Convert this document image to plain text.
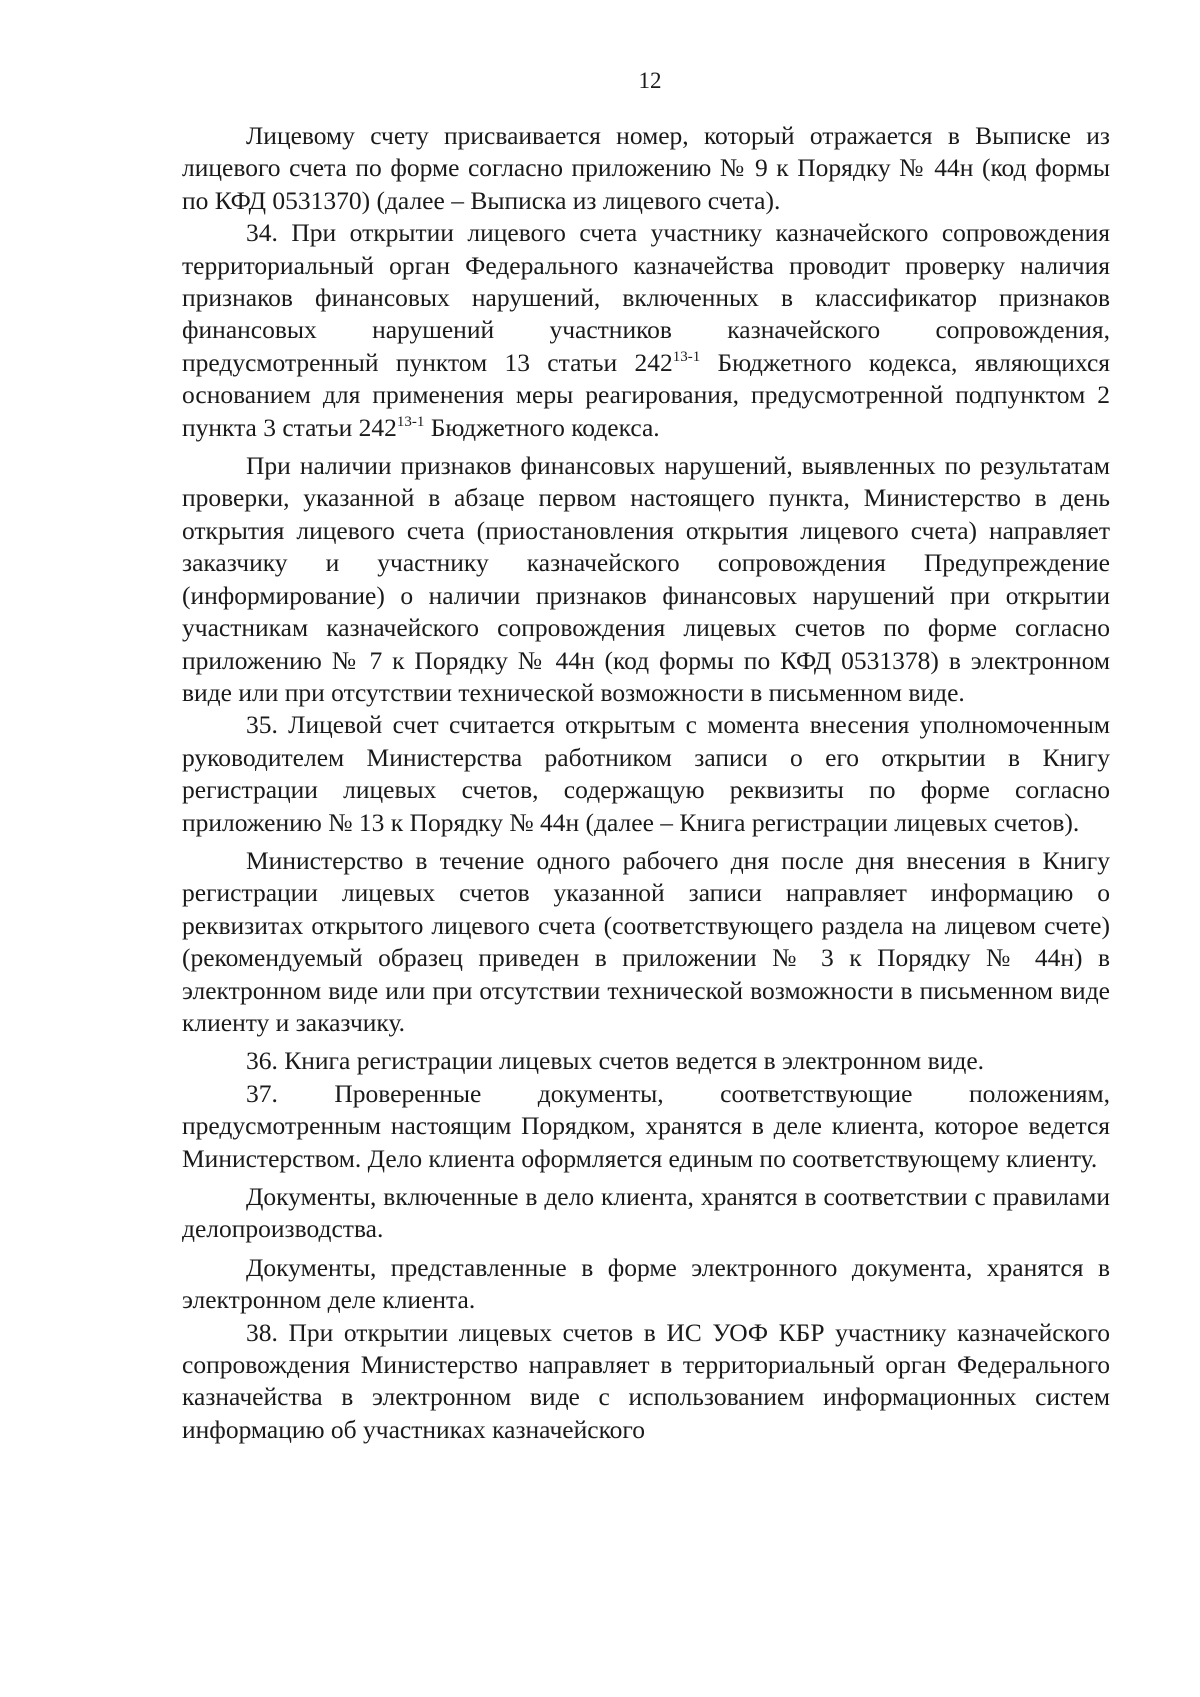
12

Лицевому счету присваивается номер, который отражается в Выписке из лицевого счета по форме согласно приложению № 9 к Порядку № 44н (код формы по КФД 0531370) (далее – Выписка из лицевого счета).

34. При открытии лицевого счета участнику казначейского сопровождения территориальный орган Федерального казначейства проводит проверку наличия признаков финансовых нарушений, включенных в классификатор признаков финансовых нарушений участников казначейского сопровождения, предусмотренный пунктом 13 статьи 242$^{13-1}$ Бюджетного кодекса, являющихся основанием для применения меры реагирования, предусмотренной подпунктом 2 пункта 3 статьи 242$^{13-1}$ Бюджетного кодекса.

При наличии признаков финансовых нарушений, выявленных по результатам проверки, указанной в абзаце первом настоящего пункта, Министерство в день открытия лицевого счета (приостановления открытия лицевого счета) направляет заказчику и участнику казначейского сопровождения Предупреждение (информирование) о наличии признаков финансовых нарушений при открытии участникам казначейского сопровождения лицевых счетов по форме согласно приложению № 7 к Порядку № 44н (код формы по КФД 0531378) в электронном виде или при отсутствии технической возможности в письменном виде.

35. Лицевой счет считается открытым с момента внесения уполномоченным руководителем Министерства работником записи о его открытии в Книгу регистрации лицевых счетов, содержащую реквизиты по форме согласно приложению № 13 к Порядку № 44н (далее – Книга регистрации лицевых счетов).

Министерство в течение одного рабочего дня после дня внесения в Книгу регистрации лицевых счетов указанной записи направляет информацию о реквизитах открытого лицевого счета (соответствующего раздела на лицевом счете) (рекомендуемый образец приведен в приложении № 3 к Порядку № 44н) в электронном виде или при отсутствии технической возможности в письменном виде клиенту и заказчику.

36. Книга регистрации лицевых счетов ведется в электронном виде.

37. Проверенные документы, соответствующие положениям, предусмотренным настоящим Порядком, хранятся в деле клиента, которое ведется Министерством. Дело клиента оформляется единым по соответствующему клиенту.

Документы, включенные в дело клиента, хранятся в соответствии с правилами делопроизводства.

Документы, представленные в форме электронного документа, хранятся в электронном деле клиента.

38. При открытии лицевых счетов в ИС УОФ КБР участнику казначейского сопровождения Министерство направляет в территориальный орган Федерального казначейства в электронном виде с использованием информационных систем информацию об участниках казначейского
